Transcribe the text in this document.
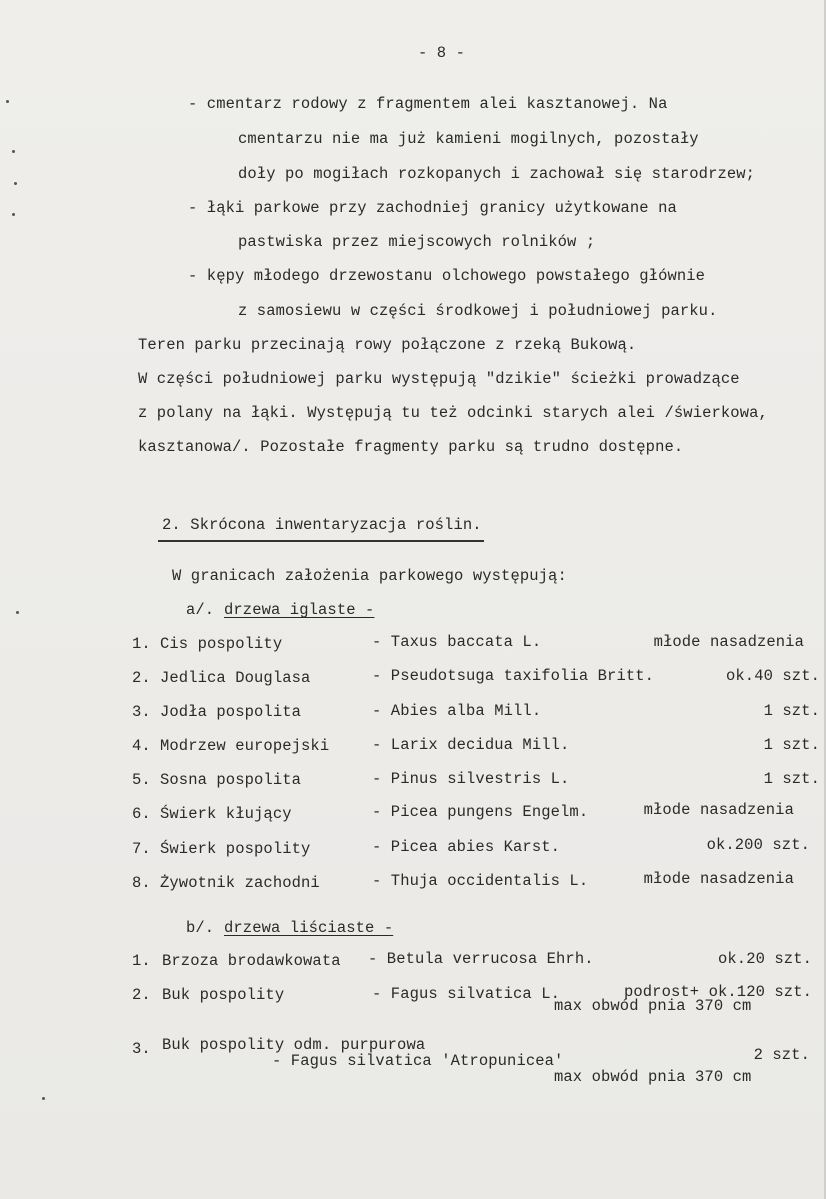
- 8 -
- cmentarz rodowy z fragmentem alei kasztanowej. Na
cmentarzu nie ma już kamieni mogilnych, pozostały
doły po mogiłach rozkopanych i zachował się starodrzew;
- łąki parkowe przy zachodniej granicy użytkowane na
pastwiska przez miejscowych rolników ;
- kępy młodego drzewostanu olchowego powstałego głównie
z samosiewu w części środkowej i południowej parku.
Teren parku przecinają rowy połączone z rzeką Bukową.
W części południowej parku występują "dzikie" ścieżki prowadzące
z polany na łąki. Występują tu też odcinki starych alei /świerkowa,
kasztanowa/. Pozostałe fragmenty parku są trudno dostępne.
2. Skrócona inwentaryzacja roślin.
W granicach założenia parkowego występują:
a/. drzewa iglaste -
1. Cis pospolity	- Taxus baccata L.	młode nasadzenia
2. Jedlica Douglasa	- Pseudotsuga taxifolia Britt.	ok.40 szt.
3. Jodła pospolita	- Abies alba Mill.	1 szt.
4. Modrzew europejski	- Larix decidua Mill.	1 szt.
5. Sosna pospolita	- Pinus silvestris L.	1 szt.
6. Świerk kłujący	- Picea pungens Engelm.	młode nasadzenia
7. Świerk pospolity	- Picea abies Karst.	ok.200 szt.
8. Żywotnik zachodni	- Thuja occidentalis L.	młode nasadzenia
b/. drzewa liściaste -
1. Brzoza brodawkowata - Betula verrucosa Ehrh.	ok.20 szt.
2. Buk pospolity	- Fagus silvatica L.	podrost+ ok.120 szt.
max obwód pnia 370 cm
3. Buk pospolity odm. purpurowa
- Fagus silvatica 'Atropunicea'	2 szt.
max obwód pnia 370 cm
